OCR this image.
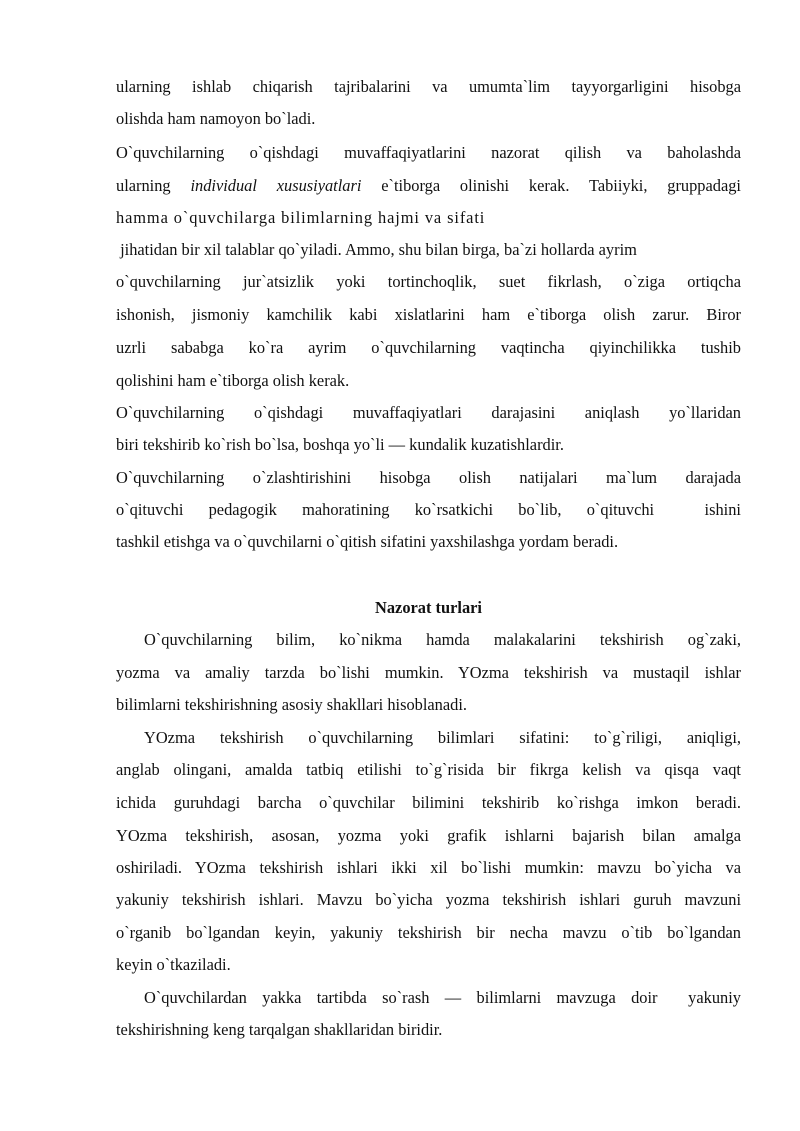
ularning ishlab chiqarish tajribalarini va umumta`lim tayyorgarligini hisobga
olishda ham namoyon bo`ladi.
O`quvchilarning o`qishdagi muvaffaqiyatlarini nazorat qilish va baholashda
ularning individual xususiyatlari e`tiborga olinishi kerak. Tabiiyki, gruppadagi
hamma o`quvchilarga bilimlarning hajmi va sifati
jihatidan bir xil talablar qo`yiladi. Ammo, shu bilan birga, ba`zi hollarda ayrim
o`quvchilarning jur`atsizlik yoki tortinchoqlik, suet fikrlash, o`ziga ortiqcha
ishonish, jismoniy kamchilik kabi xislatlarini ham e`tiborga olish zarur. Biror
uzrli sababga ko`ra ayrim o`quvchilarning vaqtincha qiyinchilikka tushib
qolishini ham e`tiborga olish kerak.
O`quvchilarning o`qishdagi muvaffaqiyatlari darajasini aniqlash yo`llaridan
biri tekshirib ko`rish bo`lsa, boshqa yo`li — kundalik kuzatishlardir.
O`quvchilarning o`zlashtirishini hisobga olish natijalari ma`lum darajada
o`qituvchi pedagogik mahoratining ko`rsatkichi bo`lib, o`qituvchi  ishini
tashkil etishga va o`quvchilarni o`qitish sifatini yaxshilashga yordam beradi.
Nazorat turlari
O`quvchilarning bilim, ko`nikma hamda malakalarini tekshirish og`zaki,
yozma va amaliy tarzda bo`lishi mumkin. YOzma tekshirish va mustaqil ishlar
bilimlarni tekshirishning asosiy shakllari hisoblanadi.
YOzma tekshirish o`quvchilarning bilimlari sifatini: to`g`riligi, aniqligi,
anglab olingani, amalda tatbiq etilishi to`g`risida bir fikrga kelish va qisqa vaqt
ichida guruhdagi barcha o`quvchilar bilimini tekshirib ko`rishga imkon beradi.
YOzma tekshirish, asosan, yozma yoki grafik ishlarni bajarish bilan amalga
oshiriladi. YOzma tekshirish ishlari ikki xil bo`lishi mumkin: mavzu bo`yicha va
yakuniy tekshirish ishlari. Mavzu bo`yicha yozma tekshirish ishlari guruh mavzuni
o`rganib bo`lgandan keyin, yakuniy tekshirish bir necha mavzu o`tib bo`lgandan
keyin o`tkaziladi.
O`quvchilardan yakka tartibda so`rash — bilimlarni mavzuga doir  yakuniy
tekshirishning keng tarqalgan shakllaridan biridir.
